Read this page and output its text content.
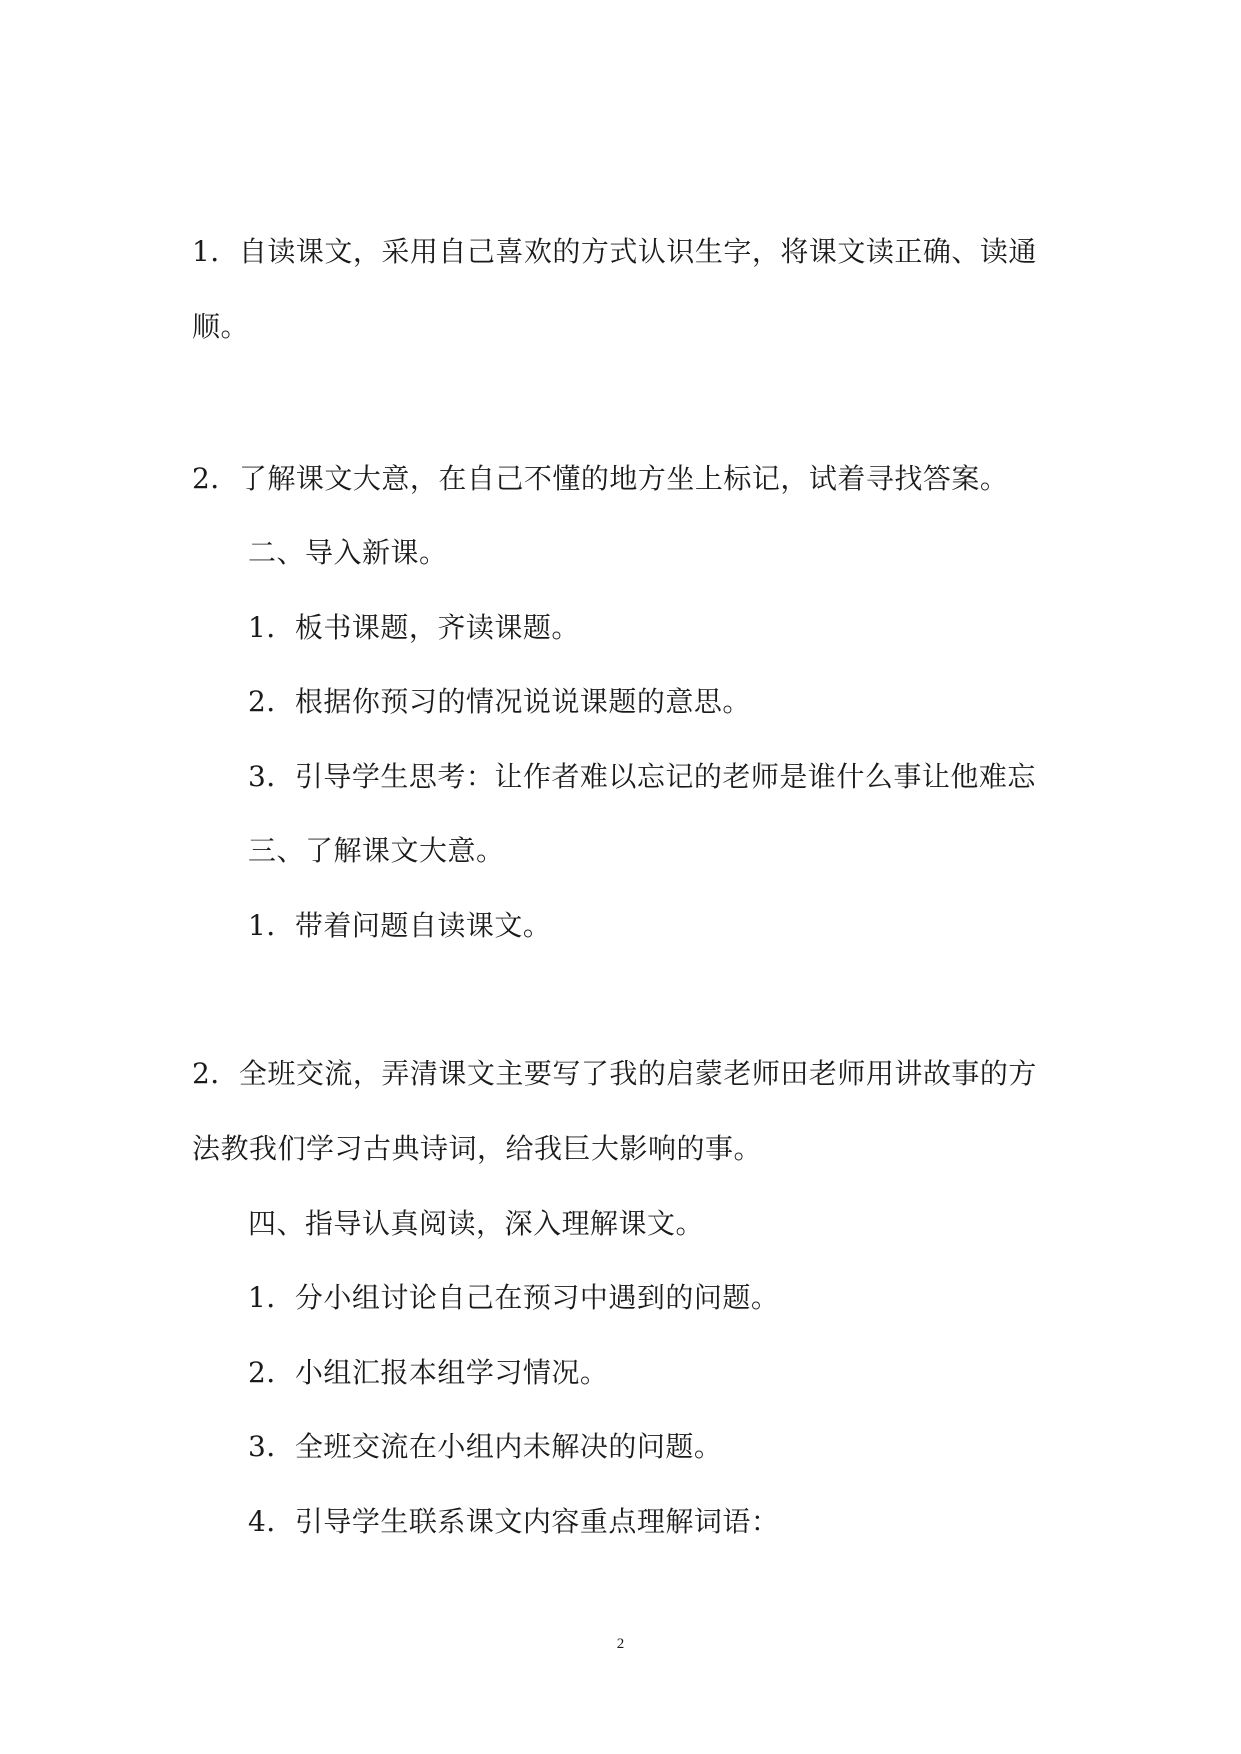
1．自读课文，采用自己喜欢的方式认识生字，将课文读正确、读通
顺。
2．了解课文大意，在自己不懂的地方坐上标记，试着寻找答案。
二、导入新课。
1．板书课题，齐读课题。
2．根据你预习的情况说说课题的意思。
3．引导学生思考：让作者难以忘记的老师是谁什么事让他难忘
三、了解课文大意。
1．带着问题自读课文。
2．全班交流，弄清课文主要写了我的启蒙老师田老师用讲故事的方
法教我们学习古典诗词，给我巨大影响的事。
四、指导认真阅读，深入理解课文。
1．分小组讨论自己在预习中遇到的问题。
2．小组汇报本组学习情况。
3．全班交流在小组内未解决的问题。
4．引导学生联系课文内容重点理解词语：
2
